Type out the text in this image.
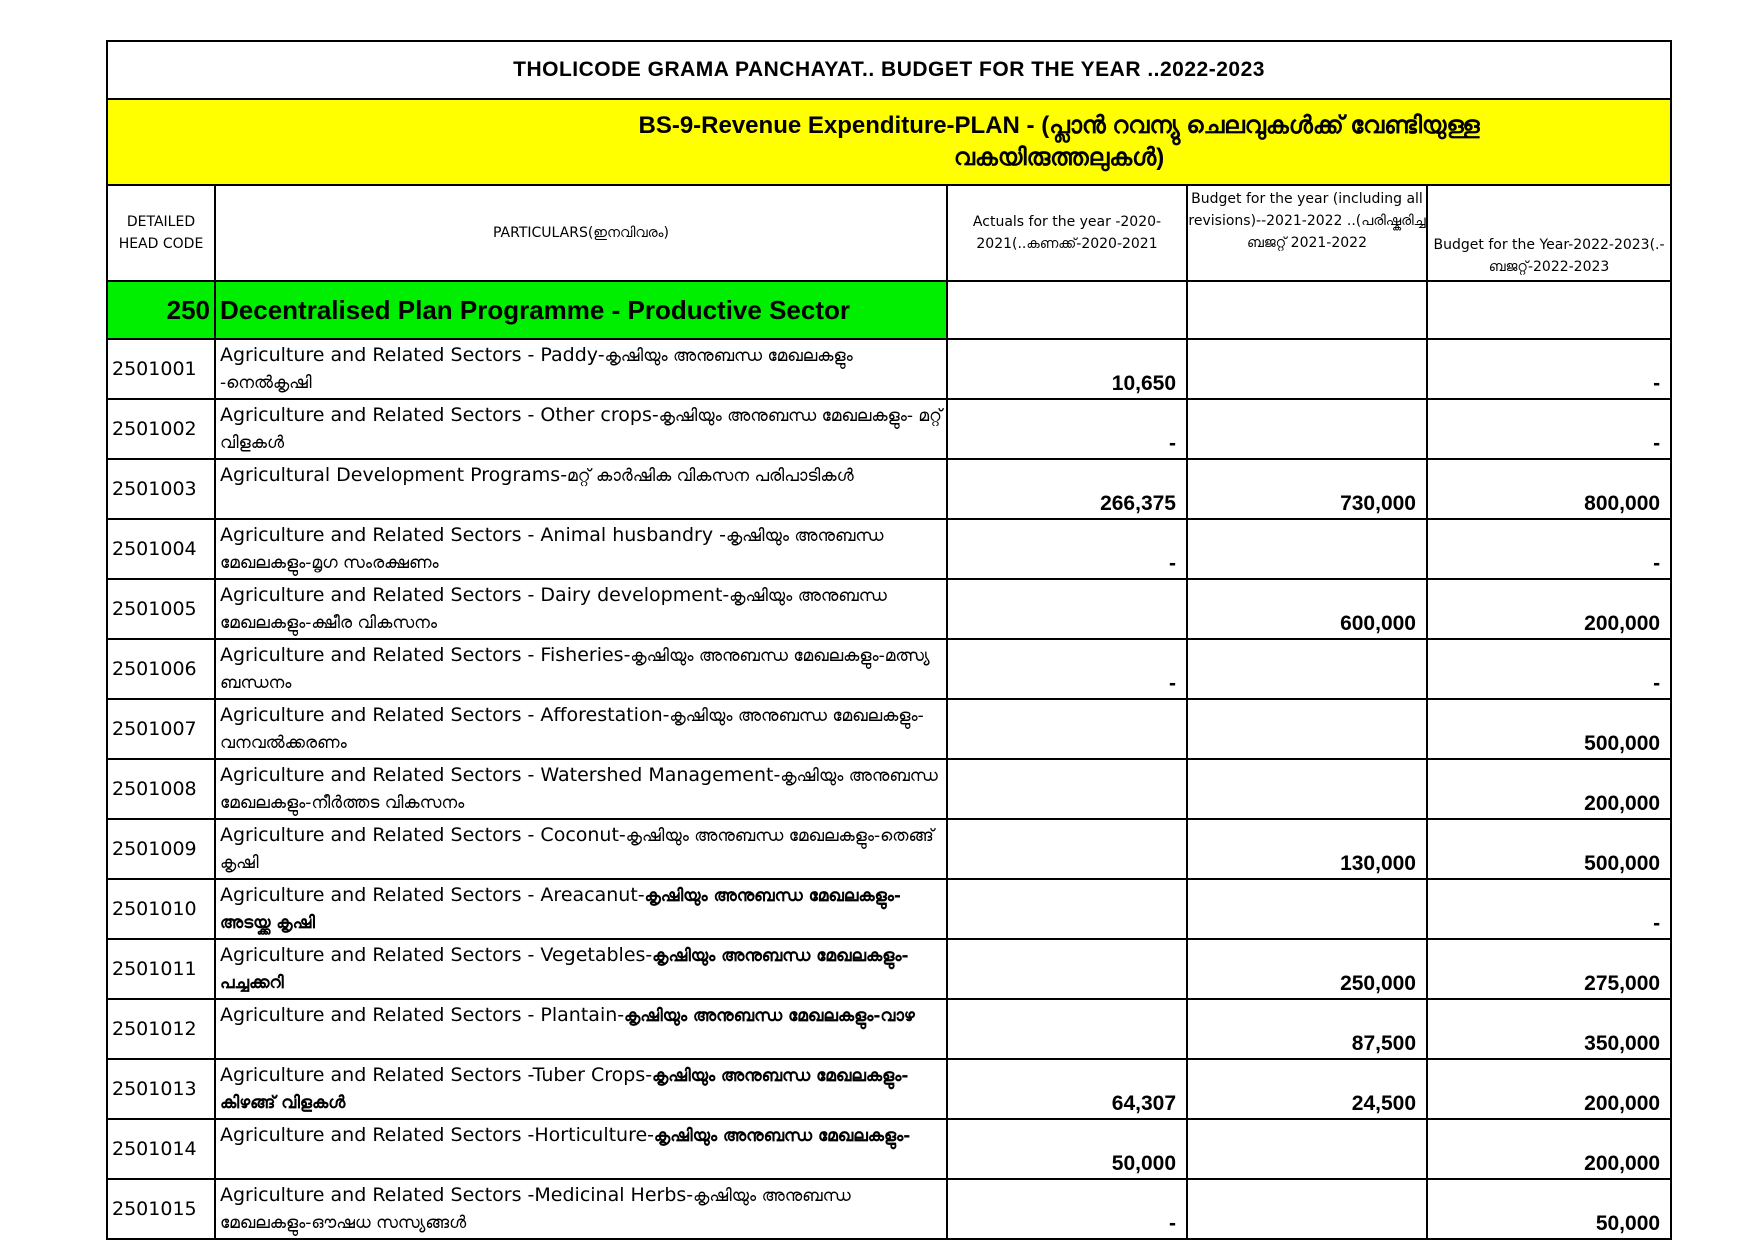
THOLICODE GRAMA PANCHAYAT.. BUDGET FOR THE YEAR ..2022-2023				

BS-9-Revenue Expenditure-PLAN - (പ്ലാൻ റവന്യു ചെലവുകൾക്ക് വേണ്ടിയുള്ള വകയിരുത്തലുകൾ)				

DETAILED HEAD CODE	PARTICULARS(ഇനവിവരം)	Actuals for the year -2020-2021(..കണക്ക്-2020-2021	Budget for the year (including all revisions)--2021-2022 ..(പരിഷ്കരിച്ച ബജറ്റ് 2021-2022	Budget for the Year-2022-2023(.-ബജറ്റ്-2022-2023
250	Decentralised Plan Programme - Productive Sector			
2501001	Agriculture and Related Sectors - Paddy-കൃഷിയും അനുബന്ധ മേഖലകളും -നെൽകൃഷി	10,650		-
2501002	Agriculture and Related Sectors - Other crops-കൃഷിയും അനുബന്ധ മേഖലകളും- മറ്റ് വിളകൾ	-		-
2501003	Agricultural Development Programs-മറ്റ് കാർഷിക വികസന പരിപാടികൾ	266,375	730,000	800,000
2501004	Agriculture and Related Sectors - Animal husbandry -കൃഷിയും അനുബന്ധ മേഖലകളും-മൃഗ സംരക്ഷണം	-		-
2501005	Agriculture and Related Sectors - Dairy development-കൃഷിയും അനുബന്ധ മേഖലകളും-ക്ഷീര വികസനം		600,000	200,000
2501006	Agriculture and Related Sectors - Fisheries-കൃഷിയും അനുബന്ധ മേഖലകളും-മത്സ്യ ബന്ധനം	-		-
2501007	Agriculture and Related Sectors - Afforestation-കൃഷിയും അനുബന്ധ മേഖലകളും-വനവൽക്കരണം			500,000
2501008	Agriculture and Related Sectors - Watershed Management-കൃഷിയും അനുബന്ധ മേഖലകളും-നീർത്തട വികസനം			200,000
2501009	Agriculture and Related Sectors - Coconut-കൃഷിയും അനുബന്ധ മേഖലകളും-തെങ്ങ് കൃഷി		130,000	500,000
2501010	Agriculture and Related Sectors - Areacanut-കൃഷിയും അനുബന്ധ മേഖലകളും-അടയ്ക്ക കൃഷി			-
2501011	Agriculture and Related Sectors - Vegetables-കൃഷിയും അനുബന്ധ മേഖലകളും-പച്ചക്കറി		250,000	275,000
2501012	Agriculture and Related Sectors - Plantain-കൃഷിയും അനുബന്ധ മേഖലകളും-വാഴ		87,500	350,000
2501013	Agriculture and Related Sectors -Tuber Crops-കൃഷിയും അനുബന്ധ മേഖലകളും-കിഴങ്ങ് വിളകൾ	64,307	24,500	200,000
2501014	Agriculture and Related Sectors -Horticulture-കൃഷിയും അനുബന്ധ മേഖലകളും-	50,000		200,000
2501015	Agriculture and Related Sectors -Medicinal Herbs-കൃഷിയും അനുബന്ധ മേഖലകളും-ഔഷധ സസ്യങ്ങൾ	-		50,000
